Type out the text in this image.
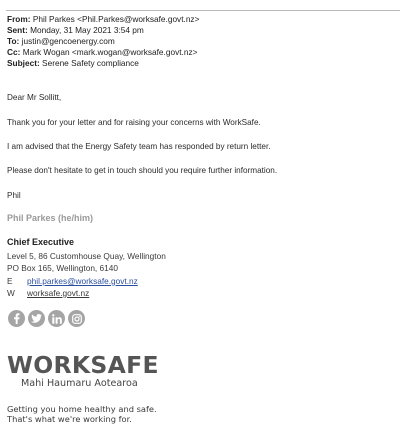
From: Phil Parkes <Phil.Parkes@worksafe.govt.nz>
Sent: Monday, 31 May 2021 3:54 pm
To: justin@gencoenergy.com
Cc: Mark Wogan <mark.wogan@worksafe.govt.nz>
Subject: Serene Safety compliance
Dear Mr Sollitt,
Thank you for your letter and for raising your concerns with WorkSafe.
I am advised that the Energy Safety team has responded by return letter.
Please don't hesitate to get in touch should you require further information.
Phil
Phil Parkes (he/him)
Chief Executive
Level 5, 86 Customhouse Quay, Wellington
PO Box 165, Wellington, 6140
E phil.parkes@worksafe.govt.nz
W worksafe.govt.nz
WORKSAFE
Mahi Haumaru Aotearoa
Getting you home healthy and safe.
That's what we're working for.
